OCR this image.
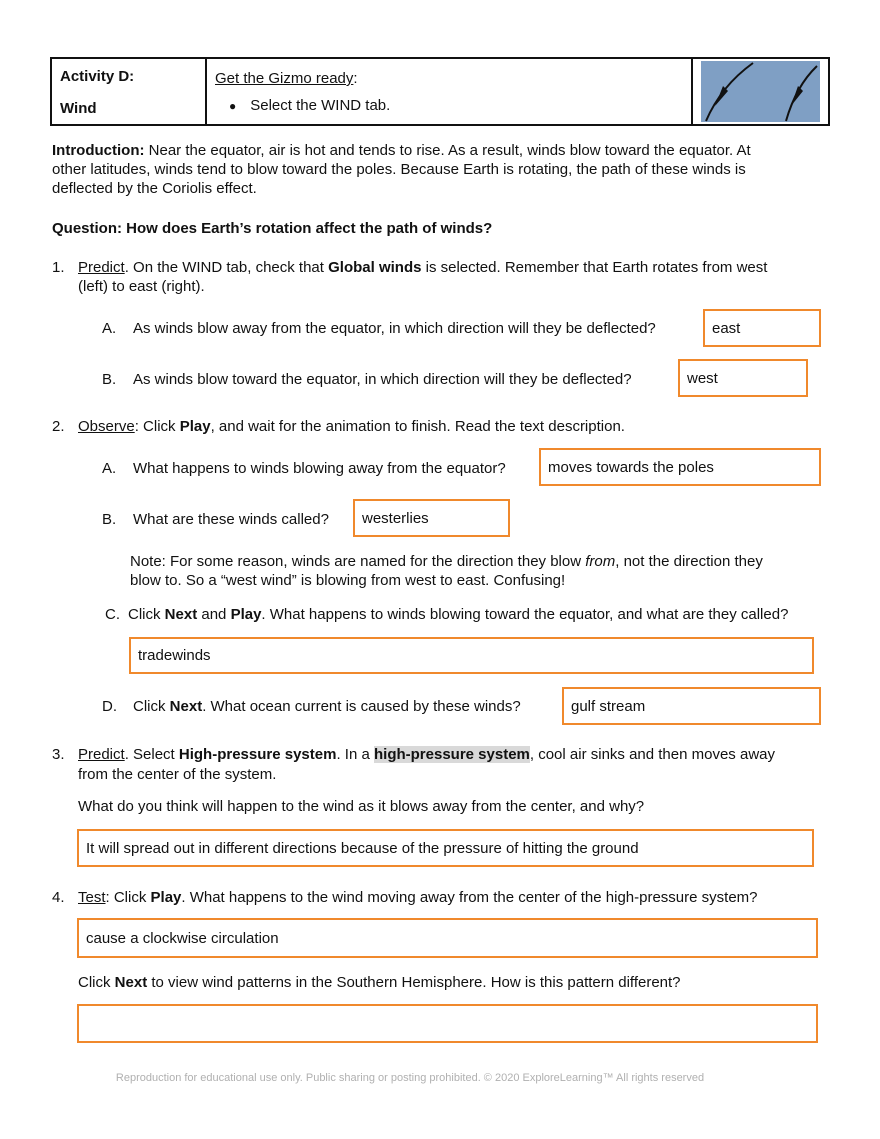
Activity D:
Wind

Get the Gizmo ready:
● Select the WIND tab.

Introduction: Near the equator, air is hot and tends to rise. As a result, winds blow toward the equator. At
other latitudes, winds tend to blow toward the poles. Because Earth is rotating, the path of these winds is
deflected by the Coriolis effect.
Question: How does Earth’s rotation affect the path of winds?
1. Predict. On the WIND tab, check that Global winds is selected. Remember that Earth rotates from west
(left) to east (right).
A. As winds blow away from the equator, in which direction will they be deflected?	east
B. As winds blow toward the equator, in which direction will they be deflected?	west
2. Observe: Click Play, and wait for the animation to finish. Read the text description.
A. What happens to winds blowing away from the equator?	moves towards the poles
B. What are these winds called?	westerlies
Note: For some reason, winds are named for the direction they blow from, not the direction they
blow to. So a “west wind” is blowing from west to east. Confusing!
C. Click Next and Play. What happens to winds blowing toward the equator, and what are they called?
tradewinds
D. Click Next. What ocean current is caused by these winds?	gulf stream
3. Predict. Select High-pressure system. In a high-pressure system, cool air sinks and then moves away
from the center of the system.
What do you think will happen to the wind as it blows away from the center, and why?
It will spread out in different directions because of the pressure of hitting the ground
4. Test: Click Play. What happens to the wind moving away from the center of the high-pressure system?
cause a clockwise circulation
Click Next to view wind patterns in the Southern Hemisphere. How is this pattern different?
Reproduction for educational use only. Public sharing or posting prohibited. © 2020 ExploreLearning™ All rights reserved
